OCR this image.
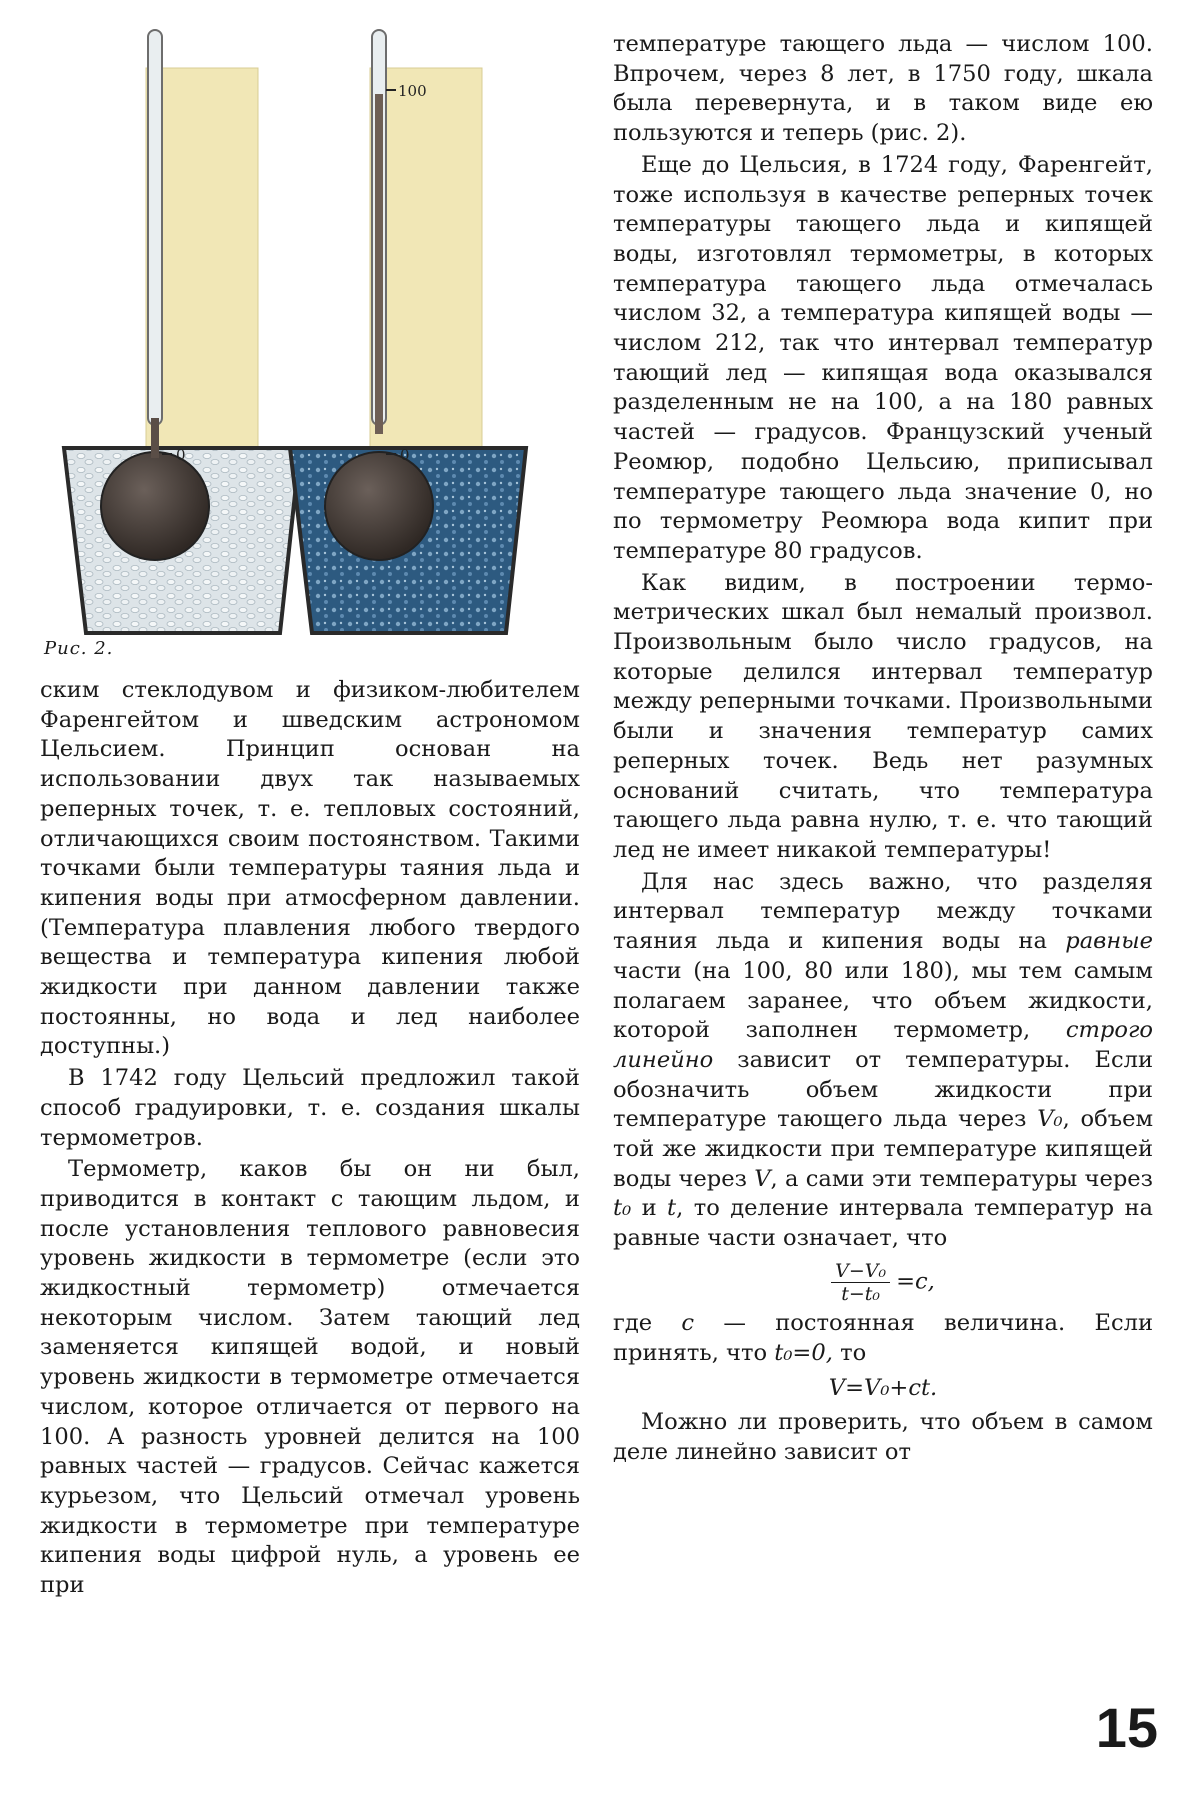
0
100
0
Рис. 2.

ским стеклодувом и физиком-любителем Фаренгейтом и шведским астрономом Цельсием. Принцип основан на использовании двух так называемых реперных точек, т. е. тепловых состояний, отличающихся своим постоянством. Такими точками были температуры таяния льда и кипения воды при атмосферном давлении. (Температура плавления любого твердого вещества и температура кипения любой жидкости при данном давлении также постоянны, но вода и лед наиболее доступны.)

В 1742 году Цельсий предложил такой способ градуировки, т. е. создания шкалы термометров.

Термометр, каков бы он ни был, приводится в контакт с тающим льдом, и после установления теплового равновесия уровень жидкости в термометре (если это жидкостный термометр) отмечается некоторым числом. Затем тающий лед заменяется кипящей водой, и новый уровень жидкости в термометре отмечается числом, которое отличается от первого на 100. А разность уровней делится на 100 равных частей — градусов. Сейчас кажется курьезом, что Цельсий отмечал уровень жидкости в термометре при температуре кипения воды цифрой нуль, а уровень ее при

температуре тающего льда — числом 100. Впрочем, через 8 лет, в 1750 году, шкала была перевернута, и в таком виде ею пользуются и теперь (рис. 2).

Еще до Цельсия, в 1724 году, Фаренгейт, тоже используя в качестве реперных точек температуры тающего льда и кипящей воды, изготовлял термометры, в которых температура тающего льда отмечалась числом 32, а температура кипящей воды — числом 212, так что интервал температур тающий лед — кипящая вода оказывался разделенным не на 100, а на 180 равных частей — градусов. Французский ученый Реомюр, подобно Цельсию, приписывал температуре тающего льда значение 0, но по термометру Реомюра вода кипит при температуре 80 градусов.

Как видим, в построении термометрических шкал был немалый произвол. Произвольным было число градусов, на которые делился интервал температур между реперными точками. Произвольными были и значения температур самих реперных точек. Ведь нет разумных оснований считать, что температура тающего льда равна нулю, т. е. что тающий лед не имеет никакой температуры!

Для нас здесь важно, что разделяя интервал температур между точками таяния льда и кипения воды на равные части (на 100, 80 или 180), мы тем самым полагаем заранее, что объем жидкости, которой заполнен термометр, строго линейно зависит от температуры. Если обозначить объем жидкости при температуре тающего льда через V₀, объем той же жидкости при температуре кипящей воды через V, а сами эти температуры через t₀ и t, то деление интервала температур на равные части означает, что

$\frac{\text{V−V₀}}{\text{t−t₀}} =c$,

где c — постоянная величина. Если принять, что t₀=0, то

V=V₀+ct.

Можно ли проверить, что объем в самом деле линейно зависит от

15
